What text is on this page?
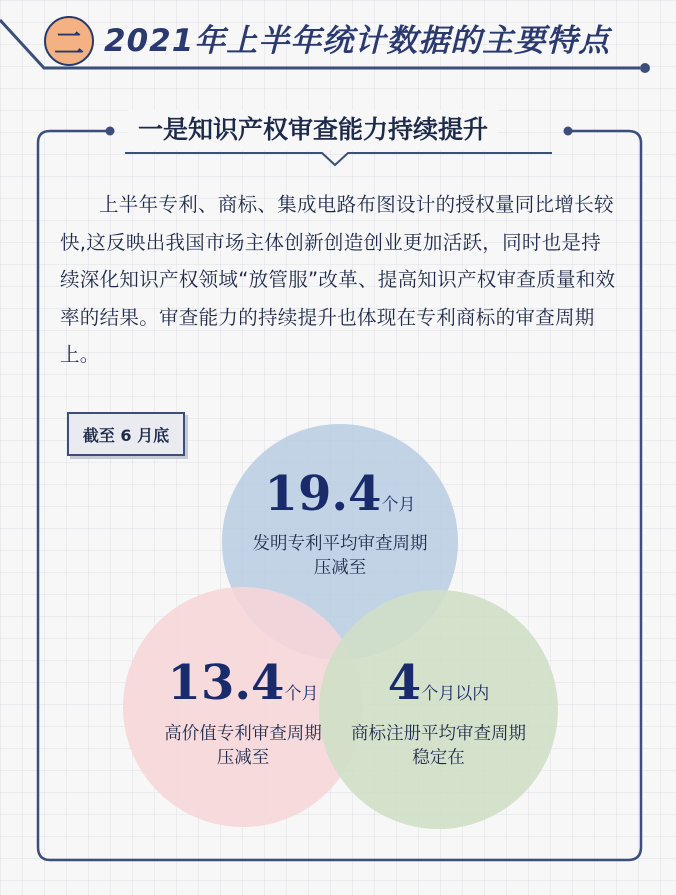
二 2021年上半年统计数据的主要特点
一是知识产权审查能力持续提升
上半年专利、商标、集成电路布图设计的授权量同比增长较快,这反映出我国市场主体创新创造创业更加活跃，同时也是持续深化知识产权领域“放管服”改革、提高知识产权审查质量和效率的结果。审查能力的持续提升也体现在专利商标的审查周期上。
截至 6 月底
19.4个月
发明专利平均审查周期
压减至
13.4个月
高价值专利审查周期
压减至
4个月以内
商标注册平均审查周期
稳定在
